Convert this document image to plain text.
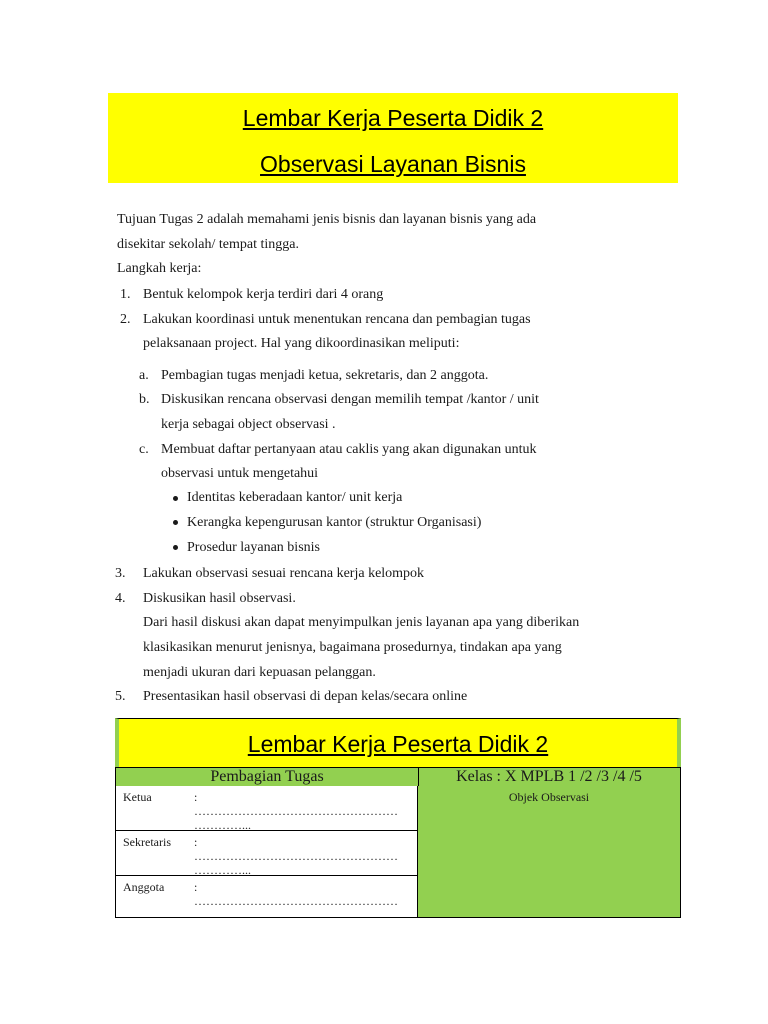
Lembar Kerja Peserta Didik 2
Observasi Layanan Bisnis
Tujuan Tugas 2 adalah memahami jenis bisnis dan layanan bisnis yang ada
disekitar sekolah/ tempat tingga.
Langkah kerja:
1. Bentuk kelompok kerja terdiri dari 4 orang
2. Lakukan koordinasi untuk menentukan rencana dan pembagian tugas
pelaksanaan project. Hal yang dikoordinasikan meliputi:
a. Pembagian tugas menjadi ketua, sekretaris, dan 2 anggota.
b. Diskusikan rencana observasi dengan memilih tempat /kantor / unit
kerja sebagai object observasi .
c. Membuat daftar pertanyaan atau caklis yang akan digunakan untuk
observasi untuk mengetahui
Identitas keberadaan kantor/ unit kerja
Kerangka kepengurusan kantor (struktur Organisasi)
Prosedur layanan bisnis
3. Lakukan observasi sesuai rencana kerja kelompok
4. Diskusikan hasil observasi.
Dari hasil diskusi akan dapat menyimpulkan jenis layanan apa yang diberikan
klasikasikan menurut jenisnya, bagaimana prosedurnya, tindakan apa yang
menjadi ukuran dari kepuasan pelanggan.
5. Presentasikan hasil observasi di depan kelas/secara online
Lembar Kerja Peserta Didik 2
Pembagian Tugas	Kelas : X MPLB 1 /2 /3 /4 /5
Ketua	:
……………………………………………
…………...
Sekretaris :
……………………………………………
…………...
Anggota :
……………………………………………
Objek Observasi
